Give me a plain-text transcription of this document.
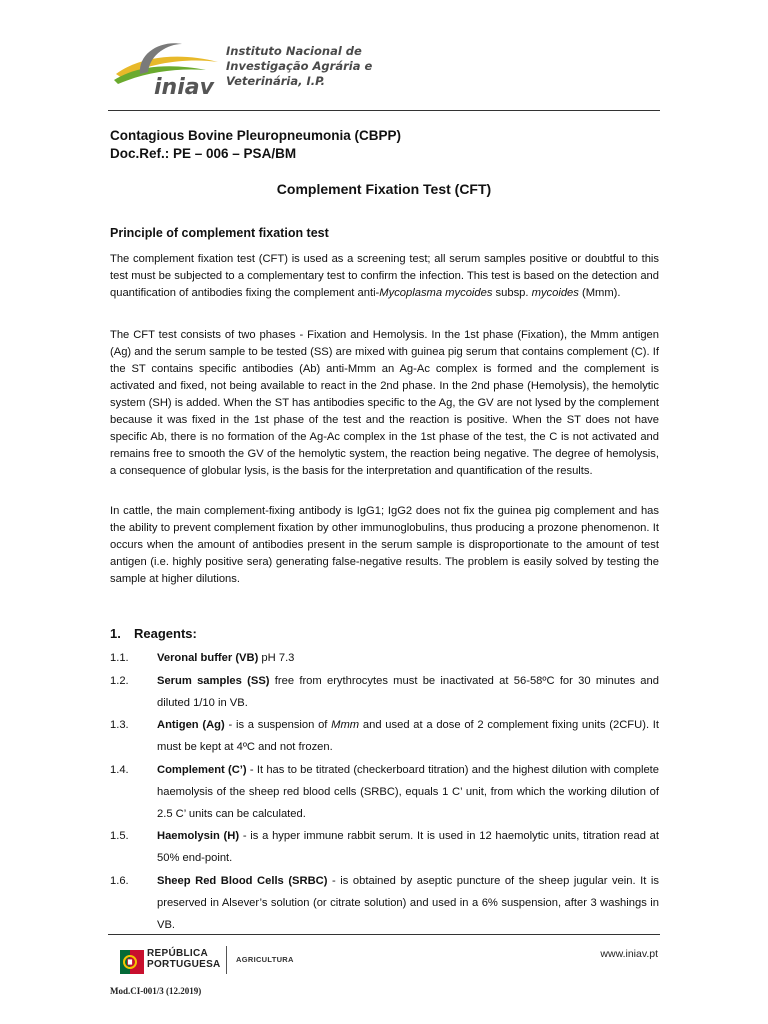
iniav
Instituto Nacional de
Investigação Agrária e
Veterinária, I.P.
Contagious Bovine Pleuropneumonia (CBPP)
Doc.Ref.: PE – 006 – PSA/BM
Complement Fixation Test (CFT)
Principle of complement fixation test
The complement fixation test (CFT) is used as a screening test; all serum samples positive or doubtful to this test must be subjected to a complementary test to confirm the infection. This test is based on the detection and quantification of antibodies fixing the complement anti-Mycoplasma mycoides subsp. mycoides (Mmm).
The CFT test consists of two phases - Fixation and Hemolysis. In the 1st phase (Fixation), the Mmm antigen (Ag) and the serum sample to be tested (SS) are mixed with guinea pig serum that contains complement (C). If the ST contains specific antibodies (Ab) anti-Mmm an Ag-Ac complex is formed and the complement is activated and fixed, not being available to react in the 2nd phase. In the 2nd phase (Hemolysis), the hemolytic system (SH) is added. When the ST has antibodies specific to the Ag, the GV are not lysed by the complement because it was fixed in the 1st phase of the test and the reaction is positive. When the ST does not have specific Ab, there is no formation of the Ag-Ac complex in the 1st phase of the test, the C is not activated and remains free to smooth the GV of the hemolytic system, the reaction being negative. The degree of hemolysis, a consequence of globular lysis, is the basis for the interpretation and quantification of the results.
In cattle, the main complement-fixing antibody is IgG1; IgG2 does not fix the guinea pig complement and has the ability to prevent complement fixation by other immunoglobulins, thus producing a prozone phenomenon. It occurs when the amount of antibodies present in the serum sample is disproportionate to the amount of test antigen (i.e. highly positive sera) generating false-negative results. The problem is easily solved by testing the sample at higher dilutions.
1. Reagents:
1.1.	Veronal buffer (VB) pH 7.3
1.2.	Serum samples (SS) free from erythrocytes must be inactivated at 56-58ºC for 30 minutes and diluted 1/10 in VB.
1.3.	Antigen (Ag) - is a suspension of Mmm and used at a dose of 2 complement fixing units (2CFU). It must be kept at 4ºC and not frozen.
1.4.	Complement (C’) - It has to be titrated (checkerboard titration) and the highest dilution with complete haemolysis of the sheep red blood cells (SRBC), equals 1 C’ unit, from which the working dilution of 2.5 C’ units can be calculated.
1.5.	Haemolysin (H) - is a hyper immune rabbit serum. It is used in 12 haemolytic units, titration read at 50% end-point.
1.6.	Sheep Red Blood Cells (SRBC) - is obtained by aseptic puncture of the sheep jugular vein. It is preserved in Alsever’s solution (or citrate solution) and used in a 6% suspension, after 3 washings in VB.
REPÚBLICA
PORTUGUESA AGRICULTURA	www.iniav.pt
Mod.CI-001/3 (12.2019)
